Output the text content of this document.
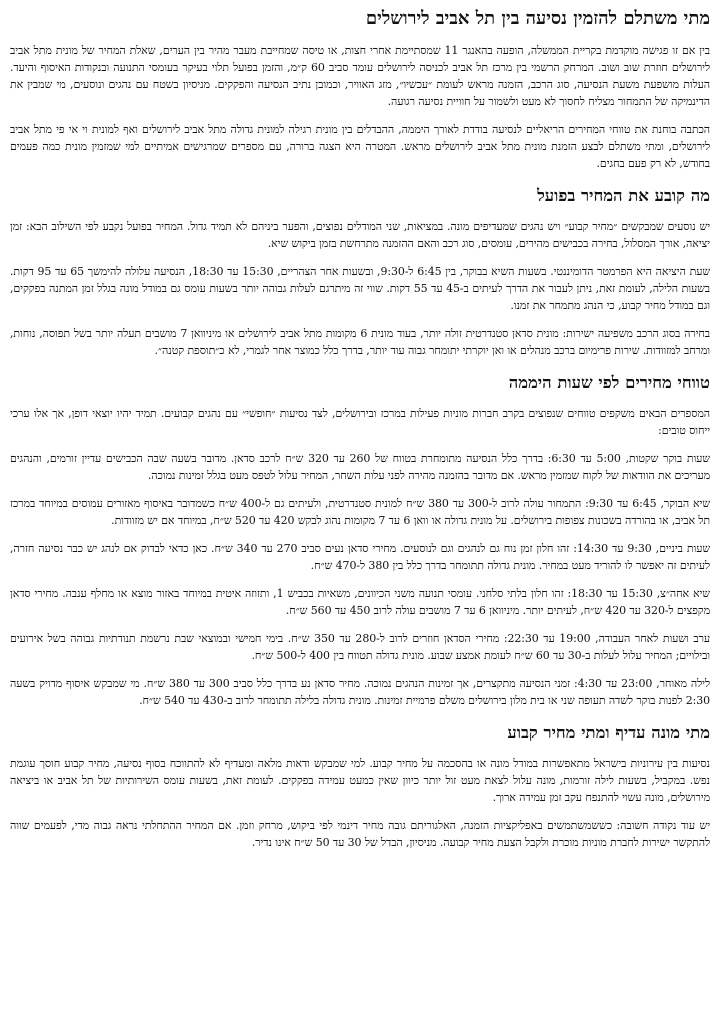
מתי משתלם להזמין נסיעה בין תל אביב לירושלים

בין אם זו פגישה מוקדמת בקריית הממשלה, הופעה בהאנגר 11 שמסתיימת אחרי חצות, או טיסה שמחייבת מעבר מהיר בין הערים, שאלת המחיר של מונית מתל אביב לירושלים חוזרת שוב ושוב. המרחק הרשמי בין מרכז תל אביב לכניסה לירושלים עומד סביב 60 ק״מ, והזמן בפועל תלוי בעיקר בעומסי התנועה ובנקודות האיסוף והיעד. העלות מושפעת משעת הנסיעה, סוג הרכב, הזמנה מראש לעומת ״עכשיו״, מזג האוויר, וכמובן נתיב הנסיעה והפקקים. מניסיון בשטח עם נהגים ונוסעים, מי שמבין את הדינמיקה של התמחור מצליח לחסוך לא מעט ולשמור על חוויית נסיעה רגועה.

הכתבה בוחנת את טווחי המחירים הריאליים לנסיעה בודדת לאורך היממה, ההבדלים בין מונית רגילה למונית גדולה מתל אביב לירושלים ואף למונית וי אי פי מתל אביב לירושלים, ומתי משתלם לבצע הזמנת מונית מתל אביב לירושלים מראש. המטרה היא הצגה ברורה, עם מספרים שמרגישים אמיתיים למי שמזמין מונית כמה פעמים בחודש, לא רק פעם בחגים.

מה קובע את המחיר בפועל

יש נוסעים שמבקשים ״מחיר קבוע״ ויש נהגים שמעדיפים מונה. במציאות, שני המודלים נפוצים, והפער ביניהם לא תמיד גדול. המחיר בפועל נקבע לפי השילוב הבא: זמן יציאה, אורך המסלול, בחירה בכבישים מהירים, עומסים, סוג רכב והאם ההזמנה מתרחשת בזמן ביקוש שיא.

שעת היציאה היא הפרמטר הדומיננטי. בשעות השיא בבוקר, בין 6:45 ל-9:30, ובשעות אחר הצהריים, 15:30 עד 18:30, הנסיעה עלולה להימשך 65 עד 95 דקות. בשעות הלילה, לעומת זאת, ניתן לעבור את הדרך לעיתים ב-45 עד 55 דקות. שווי זה מיתרגם לעלות גבוהה יותר בשעות עומס גם במודל מונה בגלל זמן המתנה בפקקים, וגם במודל מחיר קבוע, כי הנהג מתמחר את זמנו.

בחירה בסוג הרכב משפיעה ישירות: מונית סדאן סטנדרטית זולה יותר, בעוד מונית 6 מקומות מתל אביב לירושלים או מיניוואן 7 מושבים תעלה יותר בשל תפוסה, נוחות, ומרחב למזוודות. שירות פרימיום ברכב מנהלים או ואן יוקרתי יתומחר גבוה עוד יותר, בדרך כלל כמוצר אחר לגמרי, לא כ״תוספת קטנה״.

טווחי מחירים לפי שעות היממה

המספרים הבאים משקפים טווחים שנפוצים בקרב חברות מוניות פעילות במרכז ובירושלים, לצד נסיעות ״חופשי״ עם נהגים קבועים. תמיד יהיו יוצאי דופן, אך אלו ערכי ייחוס טובים:

שעות בוקר שקטות, 5:00 עד 6:30: בדרך כלל הנסיעה מתומחרת בטווח של 260 עד 320 ש״ח לרכב סדאן. מדובר בשעה שבה הכבישים עדיין זורמים, והנהגים מעריכים את הוודאות של לקוח שמזמין מראש. אם מדובר בהזמנה מהירה לפני עלות השחר, המחיר עלול לטפס מעט בגלל זמינות נמוכה.

שיא הבוקר, 6:45 עד 9:30: התמחור עולה לרוב ל-300 עד 380 ש״ח למונית סטנדרטית, ולעיתים גם ל-400 ש״ח כשמדובר באיסוף מאזורים עמוסים במיוחד במרכז תל אביב, או בהורדה בשכונות צפופות בירושלים. על מונית גדולה או וואן 6 עד 7 מקומות נהוג לבקש 420 עד 520 ש״ח, במיוחד אם יש מזוודות.

שעות ביניים, 9:30 עד 14:30: זהו חלון זמן נוח גם לנהגים וגם לנוסעים. מחירי סדאן נעים סביב 270 עד 340 ש״ח. כאן כדאי לבדוק אם לנהג יש כבר נסיעה חזרה, לעיתים זה יאפשר לו להוריד מעט במחיר. מונית גדולה תתומחר בדרך כלל בין 380 ל-470 ש״ח.

שיא אחה״צ, 15:30 עד 18:30: זהו חלון בלתי סלחני. עומסי תנועה משני הכיוונים, משאיות בכביש 1, ותזוזה איטית במיוחד באזור מוצא או מחלף ענבה. מחירי סדאן מקפצים ל-320 עד 420 ש״ח, לעיתים יותר. מיניוואן 6 עד 7 מושבים עולה לרוב 450 עד 560 ש״ח.

ערב ושעות לאחר העבודה, 19:00 עד 22:30: מחירי הסדאן חוזרים לרוב ל-280 עד 350 ש״ח. בימי חמישי ובמוצאי שבת נרשמת תנודתיות גבוהה בשל אירועים ובילויים; המחיר עלול לעלות ב-30 עד 60 ש״ח לעומת אמצע שבוע. מונית גדולה תטווח בין 400 ל-500 ש״ח.

לילה מאוחר, 23:00 עד 4:30: זמני הנסיעה מתקצרים, אך זמינות הנהגים נמוכה. מחיר סדאן נע בדרך כלל סביב 300 עד 380 ש״ח. מי שמבקש איסוף מדויק בשעה 2:30 לפנות בוקר לשדה תעופה שני או בית מלון בירושלים משלם פרמיית זמינות. מונית גדולה בלילה תתומחר לרוב ב-430 עד 540 ש״ח.

מתי מונה עדיף ומתי מחיר קבוע

נסיעות בין עירוניות בישראל מתאפשרות במודל מונה או בהסכמה על מחיר קבוע. למי שמבקש ודאות מלאה ומעדיף לא להתווכח בסוף נסיעה, מחיר קבוע חוסך עוגמת נפש. במקביל, בשעות לילה זורמות, מונה עלול לצאת מעט זול יותר כיוון שאין כמעט עמידה בפקקים. לעומת זאת, בשעות עומס השירותיות של תל אביב או ביציאה מירושלים, מונה עשוי להתנפח עקב זמן עמידה ארוך.

יש עוד נקודה חשובה: כששמשתמשים באפליקציות הזמנה, האלגוריתם גובה מחיר דינמי לפי ביקוש, מרחק וזמן. אם המחיר ההתחלתי נראה גבוה מדי, לפעמים שווה להתקשר ישירות לחברת מוניות מוכרת ולקבל הצעת מחיר קבועה. מניסיון, הבדל של 30 עד 50 ש״ח אינו נדיר.
